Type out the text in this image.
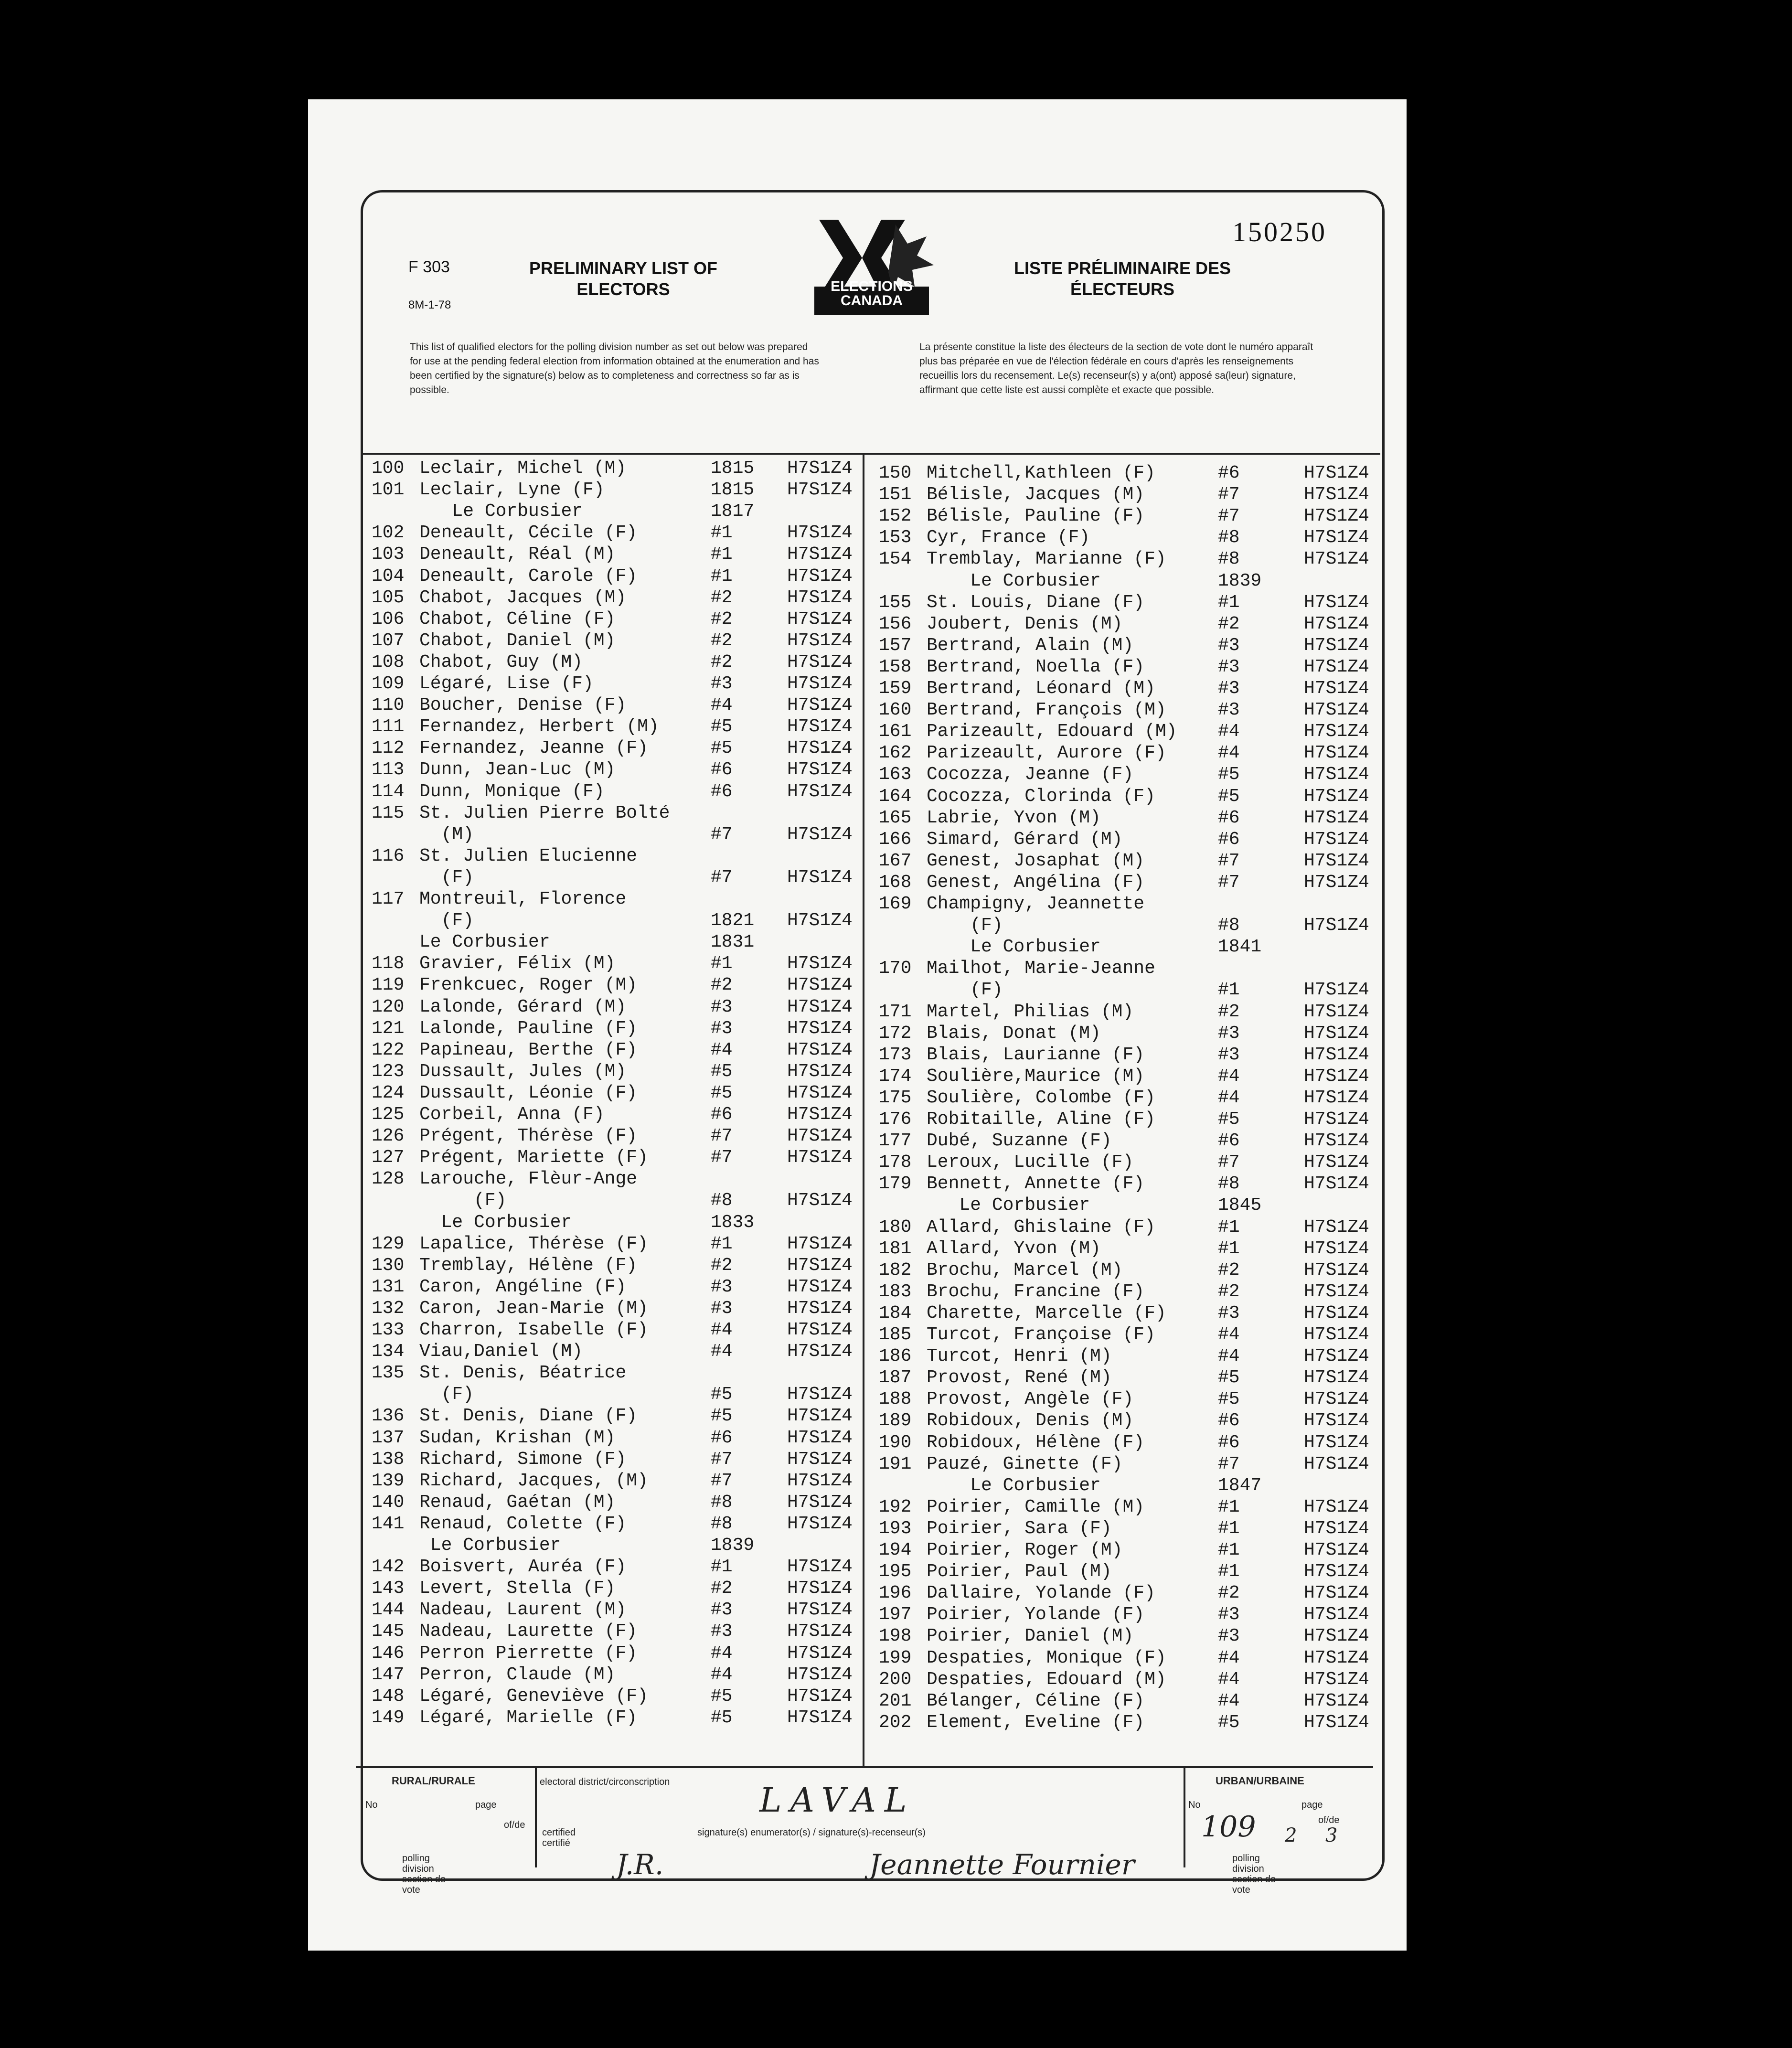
F 303
8M-1-78
PRELIMINARY LIST OF ELECTORS
LISTE PRÉLIMINAIRE DES ÉLECTEURS
ELECTIONS CANADA
150250
This list of qualified electors for the polling division number as set out below was prepared for use at the pending federal election from information obtained at the enumeration and has been certified by the signature(s) below as to completeness and correctness so far as is possible.
La présente constitue la liste des électeurs de la section de vote dont le numéro apparaît plus bas préparée en vue de l'élection fédérale en cours d'après les renseignements recueillis lors du recensement. Le(s) recenseur(s) y a(ont) apposé sa(leur) signature, affirmant que cette liste est aussi complète et exacte que possible.
100 Leclair, Michel (M)	1815 H7S1Z4
101 Leclair, Lyne (F)	1815 H7S1Z4
Le Corbusier	1817
102 Deneault, Cécile (F)	#1	H7S1Z4
103 Deneault, Réal (M)	#1	H7S1Z4
104 Deneault, Carole (F)	#1	H7S1Z4
105 Chabot, Jacques (M)	#2	H7S1Z4
106 Chabot, Céline (F)	#2	H7S1Z4
107 Chabot, Daniel (M)	#2	H7S1Z4
108 Chabot, Guy (M)	#2	H7S1Z4
109 Légaré, Lise (F)	#3	H7S1Z4
110 Boucher, Denise (F)	#4	H7S1Z4
111 Fernandez, Herbert (M)	#5	H7S1Z4
112 Fernandez, Jeanne (F)	#5	H7S1Z4
113 Dunn, Jean-Luc (M)	#6	H7S1Z4
114 Dunn, Monique (F)	#6	H7S1Z4
115 St. Julien Pierre Bolté
(M)	#7	H7S1Z4
116 St. Julien Elucienne
(F)	#7	H7S1Z4
117 Montreuil, Florence
(F)	1821 H7S1Z4
Le Corbusier	1831
118 Gravier, Félix (M)	#1	H7S1Z4
119 Frenkcuec, Roger (M)	#2	H7S1Z4
120 Lalonde, Gérard (M)	#3	H7S1Z4
121 Lalonde, Pauline (F)	#3	H7S1Z4
122 Papineau, Berthe (F)	#4	H7S1Z4
123 Dussault, Jules (M)	#5	H7S1Z4
124 Dussault, Léonie (F)	#5	H7S1Z4
125 Corbeil, Anna (F)	#6	H7S1Z4
126 Prégent, Thérèse (F)	#7	H7S1Z4
127 Prégent, Mariette (F)	#7	H7S1Z4
128 Larouche, Flèur-Ange
(F)	#8	H7S1Z4
Le Corbusier	1833
129 Lapalice, Thérèse (F)	#1	H7S1Z4
130 Tremblay, Hélène (F)	#2	H7S1Z4
131 Caron, Angéline (F)	#3	H7S1Z4
132 Caron, Jean-Marie (M)	#3	H7S1Z4
133 Charron, Isabelle (F)	#4	H7S1Z4
134 Viau,Daniel (M)	#4	H7S1Z4
135 St. Denis, Béatrice
(F)	#5	H7S1Z4
136 St. Denis, Diane (F)	#5	H7S1Z4
137 Sudan, Krishan (M)	#6	H7S1Z4
138 Richard, Simone (F)	#7	H7S1Z4
139 Richard, Jacques, (M)	#7	H7S1Z4
140 Renaud, Gaétan (M)	#8	H7S1Z4
141 Renaud, Colette (F)	#8	H7S1Z4
Le Corbusier	1839
142 Boisvert, Auréa (F)	#1	H7S1Z4
143 Levert, Stella (F)	#2	H7S1Z4
144 Nadeau, Laurent (M)	#3	H7S1Z4
145 Nadeau, Laurette (F)	#3	H7S1Z4
146 Perron Pierrette (F)	#4	H7S1Z4
147 Perron, Claude (M)	#4	H7S1Z4
148 Légaré, Geneviève (F)	#5	H7S1Z4
149 Légaré, Marielle (F)	#5	H7S1Z4
150 Mitchell,Kathleen (F)	#6	H7S1Z4
151 Bélisle, Jacques (M)	#7	H7S1Z4
152 Bélisle, Pauline (F)	#7	H7S1Z4
153 Cyr, France (F)	#8	H7S1Z4
154 Tremblay, Marianne (F)	#8	H7S1Z4
Le Corbusier	1839
155 St. Louis, Diane (F)	#1	H7S1Z4
156 Joubert, Denis (M)	#2	H7S1Z4
157 Bertrand, Alain (M)	#3	H7S1Z4
158 Bertrand, Noella (F)	#3	H7S1Z4
159 Bertrand, Léonard (M)	#3	H7S1Z4
160 Bertrand, François (M)	#3	H7S1Z4
161 Parizeault, Edouard (M) #4	H7S1Z4
162 Parizeault, Aurore (F)	#4	H7S1Z4
163 Cocozza, Jeanne (F)	#5	H7S1Z4
164 Cocozza, Clorinda (F)	#5	H7S1Z4
165 Labrie, Yvon (M)	#6	H7S1Z4
166 Simard, Gérard (M)	#6	H7S1Z4
167 Genest, Josaphat (M)	#7	H7S1Z4
168 Genest, Angélina (F)	#7	H7S1Z4
169 Champigny, Jeannette
(F)	#8	H7S1Z4
Le Corbusier	1841
170 Mailhot, Marie-Jeanne
(F)	#1	H7S1Z4
171 Martel, Philias (M)	#2	H7S1Z4
172 Blais, Donat (M)	#3	H7S1Z4
173 Blais, Laurianne (F)	#3	H7S1Z4
174 Soulière,Maurice (M)	#4	H7S1Z4
175 Soulière, Colombe (F)	#4	H7S1Z4
176 Robitaille, Aline (F)	#5	H7S1Z4
177 Dubé, Suzanne (F)	#6	H7S1Z4
178 Leroux, Lucille (F)	#7	H7S1Z4
179 Bennett, Annette (F)	#8	H7S1Z4
Le Corbusier	1845
180 Allard, Ghislaine (F)	#1	H7S1Z4
181 Allard, Yvon (M)	#1	H7S1Z4
182 Brochu, Marcel (M)	#2	H7S1Z4
183 Brochu, Francine (F)	#2	H7S1Z4
184 Charette, Marcelle (F)	#3	H7S1Z4
185 Turcot, Françoise (F)	#4	H7S1Z4
186 Turcot, Henri (M)	#4	H7S1Z4
187 Provost, René (M)	#5	H7S1Z4
188 Provost, Angèle (F)	#5	H7S1Z4
189 Robidoux, Denis (M)	#6	H7S1Z4
190 Robidoux, Hélène (F)	#6	H7S1Z4
191 Pauzé, Ginette (F)	#7	H7S1Z4
Le Corbusier	1847
192 Poirier, Camille (M)	#1	H7S1Z4
193 Poirier, Sara (F)	#1	H7S1Z4
194 Poirier, Roger (M)	#1	H7S1Z4
195 Poirier, Paul (M)	#1	H7S1Z4
196 Dallaire, Yolande (F)	#2	H7S1Z4
197 Poirier, Yolande (F)	#3	H7S1Z4
198 Poirier, Daniel (M)	#3	H7S1Z4
199 Despaties, Monique (F)	#4	H7S1Z4
200 Despaties, Edouard (M)	#4	H7S1Z4
201 Bélanger, Céline (F)	#4	H7S1Z4
202 Element, Eveline (F)	#5	H7S1Z4
RURAL/RURALE
No	page
of/de
polling division section de vote
electoral district/circonscription	LAVAL
certified certifié
signature(s) enumerator(s) / signature(s)-recenseur(s)
Jeannette Fournier
J.R.
URBAN/URBAINE
No	page
109 2
of/de
3
polling division section de vote
